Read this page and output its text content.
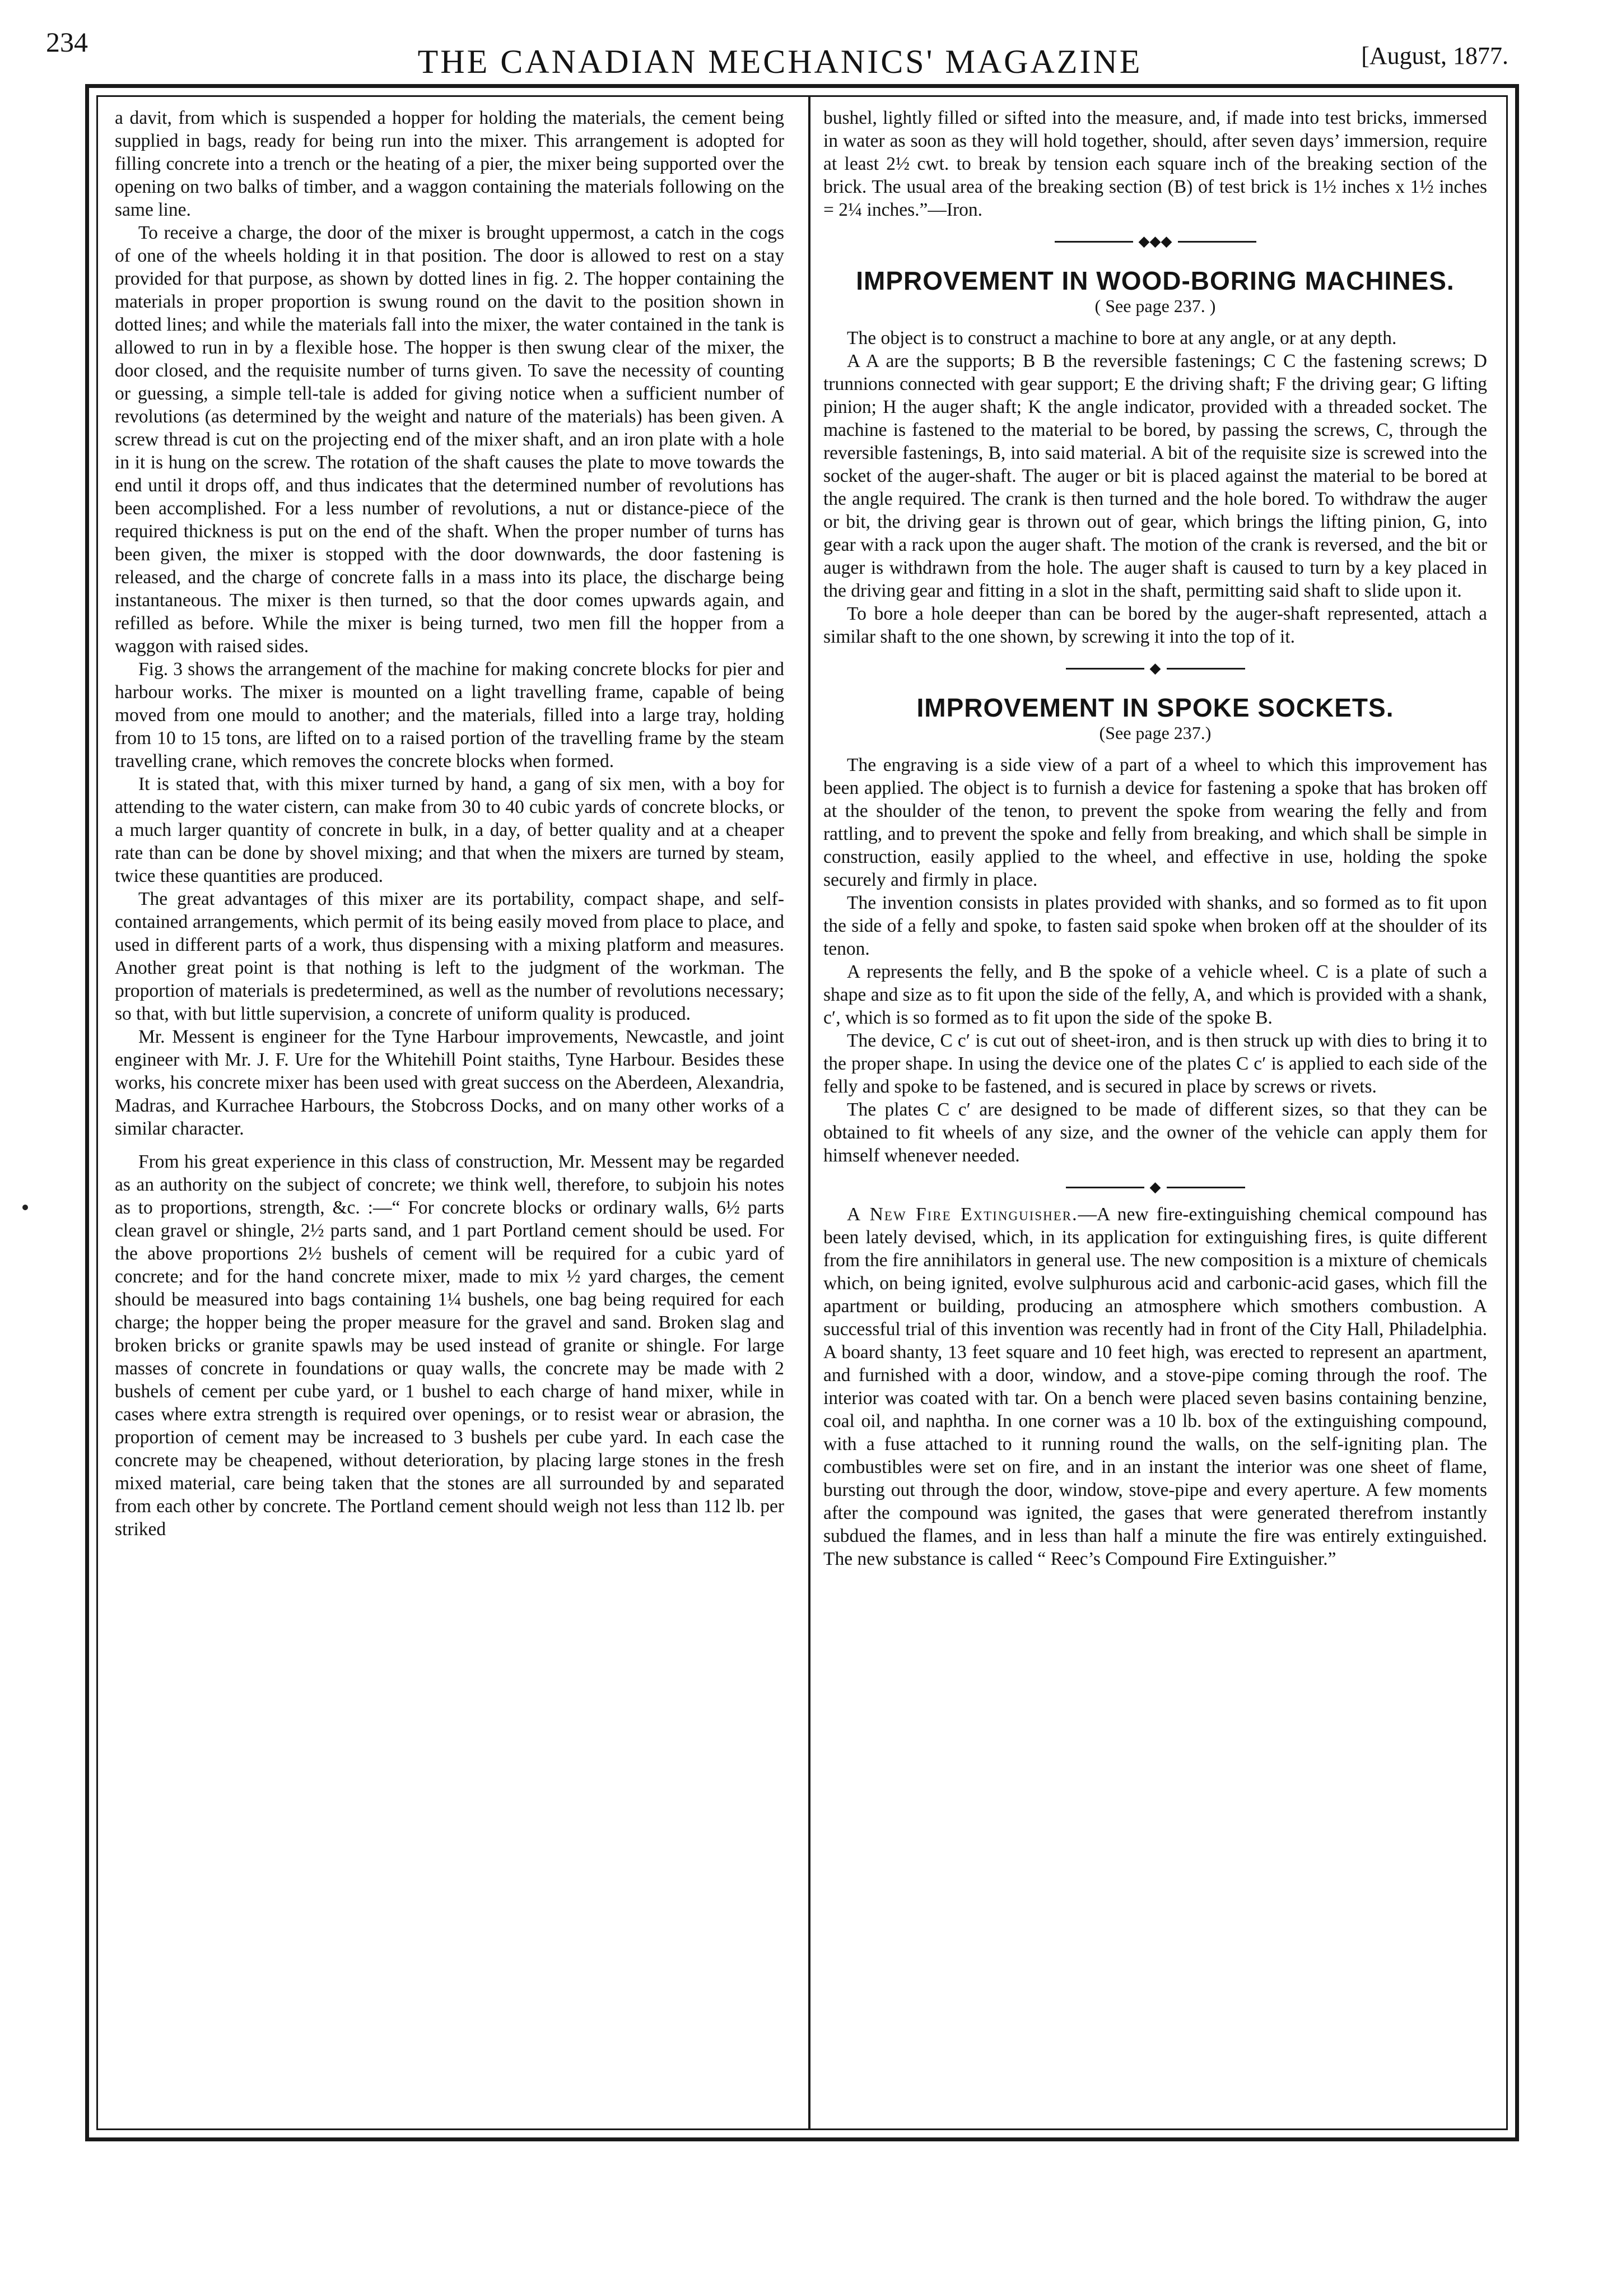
234
THE CANADIAN MECHANICS' MAGAZINE	[August, 1877.

a davit, from which is suspended a hopper for holding the materials, the cement being supplied in bags, ready for being run into the mixer. This arrangement is adopted for filling concrete into a trench or the heating of a pier, the mixer being supported over the opening on two balks of timber, and a waggon containing the materials following on the same line.

To receive a charge, the door of the mixer is brought uppermost, a catch in the cogs of one of the wheels holding it in that position. The door is allowed to rest on a stay provided for that purpose, as shown by dotted lines in fig. 2. The hopper containing the materials in proper proportion is swung round on the davit to the position shown in dotted lines; and while the materials fall into the mixer, the water contained in the tank is allowed to run in by a flexible hose. The hopper is then swung clear of the mixer, the door closed, and the requisite number of turns given. To save the necessity of counting or guessing, a simple tell-tale is added for giving notice when a sufficient number of revolutions (as determined by the weight and nature of the materials) has been given. A screw thread is cut on the projecting end of the mixer shaft, and an iron plate with a hole in it is hung on the screw. The rotation of the shaft causes the plate to move towards the end until it drops off, and thus indicates that the determined number of revolutions has been accomplished. For a less number of revolutions, a nut or distance-piece of the required thickness is put on the end of the shaft. When the proper number of turns has been given, the mixer is stopped with the door downwards, the door fastening is released, and the charge of concrete falls in a mass into its place, the discharge being instantaneous. The mixer is then turned, so that the door comes upwards again, and refilled as before. While the mixer is being turned, two men fill the hopper from a waggon with raised sides.

Fig. 3 shows the arrangement of the machine for making concrete blocks for pier and harbour works. The mixer is mounted on a light travelling frame, capable of being moved from one mould to another; and the materials, filled into a large tray, holding from 10 to 15 tons, are lifted on to a raised portion of the travelling frame by the steam travelling crane, which removes the concrete blocks when formed.

It is stated that, with this mixer turned by hand, a gang of six men, with a boy for attending to the water cistern, can make from 30 to 40 cubic yards of concrete blocks, or a much larger quantity of concrete in bulk, in a day, of better quality and at a cheaper rate than can be done by shovel mixing; and that when the mixers are turned by steam, twice these quantities are produced.

The great advantages of this mixer are its portability, compact shape, and self-contained arrangements, which permit of its being easily moved from place to place, and used in different parts of a work, thus dispensing with a mixing platform and measures. Another great point is that nothing is left to the judgment of the workman. The proportion of materials is predetermined, as well as the number of revolutions necessary; so that, with but little supervision, a concrete of uniform quality is produced.

Mr. Messent is engineer for the Tyne Harbour improvements, Newcastle, and joint engineer with Mr. J. F. Ure for the Whitehill Point staiths, Tyne Harbour. Besides these works, his concrete mixer has been used with great success on the Aberdeen, Alexandria, Madras, and Kurrachee Harbours, the Stobcross Docks, and on many other works of a similar character.

From his great experience in this class of construction, Mr. Messent may be regarded as an authority on the subject of concrete; we think well, therefore, to subjoin his notes as to proportions, strength, &c. :—“ For concrete blocks or ordinary walls, 6½ parts clean gravel or shingle, 2½ parts sand, and 1 part Portland cement should be used. For the above proportions 2½ bushels of cement will be required for a cubic yard of concrete; and for the hand concrete mixer, made to mix ½ yard charges, the cement should be measured into bags containing 1¼ bushels, one bag being required for each charge; the hopper being the proper measure for the gravel and sand. Broken slag and broken bricks or granite spawls may be used instead of granite or shingle. For large masses of concrete in foundations or quay walls, the concrete may be made with 2 bushels of cement per cube yard, or 1 bushel to each charge of hand mixer, while in cases where extra strength is required over openings, or to resist wear or abrasion, the proportion of cement may be increased to 3 bushels per cube yard. In each case the concrete may be cheapened, without deterioration, by placing large stones in the fresh mixed material, care being taken that the stones are all surrounded by and separated from each other by concrete. The Portland cement should weigh not less than 112 lb. per striked

bushel, lightly filled or sifted into the measure, and, if made into test bricks, immersed in water as soon as they will hold together, should, after seven days’ immersion, require at least 2½ cwt. to break by tension each square inch of the breaking section of the brick. The usual area of the breaking section (B) of test brick is 1½ inches x 1½ inches = 2¼ inches.”—Iron.

◆◆◆
IMPROVEMENT IN WOOD-BORING MACHINES.
( See page 237. )

The object is to construct a machine to bore at any angle, or at any depth.

A A are the supports; B B the reversible fastenings; C C the fastening screws; D trunnions connected with gear support; E the driving shaft; F the driving gear; G lifting pinion; H the auger shaft; K the angle indicator, provided with a threaded socket. The machine is fastened to the material to be bored, by passing the screws, C, through the reversible fastenings, B, into said material. A bit of the requisite size is screwed into the socket of the auger-shaft. The auger or bit is placed against the material to be bored at the angle required. The crank is then turned and the hole bored. To withdraw the auger or bit, the driving gear is thrown out of gear, which brings the lifting pinion, G, into gear with a rack upon the auger shaft. The motion of the crank is reversed, and the bit or auger is withdrawn from the hole. The auger shaft is caused to turn by a key placed in the driving gear and fitting in a slot in the shaft, permitting said shaft to slide upon it.

To bore a hole deeper than can be bored by the auger-shaft represented, attach a similar shaft to the one shown, by screwing it into the top of it.

◆
IMPROVEMENT IN SPOKE SOCKETS.
(See page 237.)

The engraving is a side view of a part of a wheel to which this improvement has been applied. The object is to furnish a device for fastening a spoke that has broken off at the shoulder of the tenon, to prevent the spoke from wearing the felly and from rattling, and to prevent the spoke and felly from breaking, and which shall be simple in construction, easily applied to the wheel, and effective in use, holding the spoke securely and firmly in place.

The invention consists in plates provided with shanks, and so formed as to fit upon the side of a felly and spoke, to fasten said spoke when broken off at the shoulder of its tenon.

A represents the felly, and B the spoke of a vehicle wheel. C is a plate of such a shape and size as to fit upon the side of the felly, A, and which is provided with a shank, c′, which is so formed as to fit upon the side of the spoke B.

The device, C c′ is cut out of sheet-iron, and is then struck up with dies to bring it to the proper shape. In using the device one of the plates C c′ is applied to each side of the felly and spoke to be fastened, and is secured in place by screws or rivets.

The plates C c′ are designed to be made of different sizes, so that they can be obtained to fit wheels of any size, and the owner of the vehicle can apply them for himself whenever needed.

◆

A New Fire Extinguisher.—A new fire-extinguishing chemical compound has been lately devised, which, in its application for extinguishing fires, is quite different from the fire annihilators in general use. The new composition is a mixture of chemicals which, on being ignited, evolve sulphurous acid and carbonic-acid gases, which fill the apartment or building, producing an atmosphere which smothers combustion. A successful trial of this invention was recently had in front of the City Hall, Philadelphia. A board shanty, 13 feet square and 10 feet high, was erected to represent an apartment, and furnished with a door, window, and a stove-pipe coming through the roof. The interior was coated with tar. On a bench were placed seven basins containing benzine, coal oil, and naphtha. In one corner was a 10 lb. box of the extinguishing compound, with a fuse attached to it running round the walls, on the self-igniting plan. The combustibles were set on fire, and in an instant the interior was one sheet of flame, bursting out through the door, window, stove-pipe and every aperture. A few moments after the compound was ignited, the gases that were generated therefrom instantly subdued the flames, and in less than half a minute the fire was entirely extinguished. The new substance is called “ Reec’s Compound Fire Extinguisher.”
